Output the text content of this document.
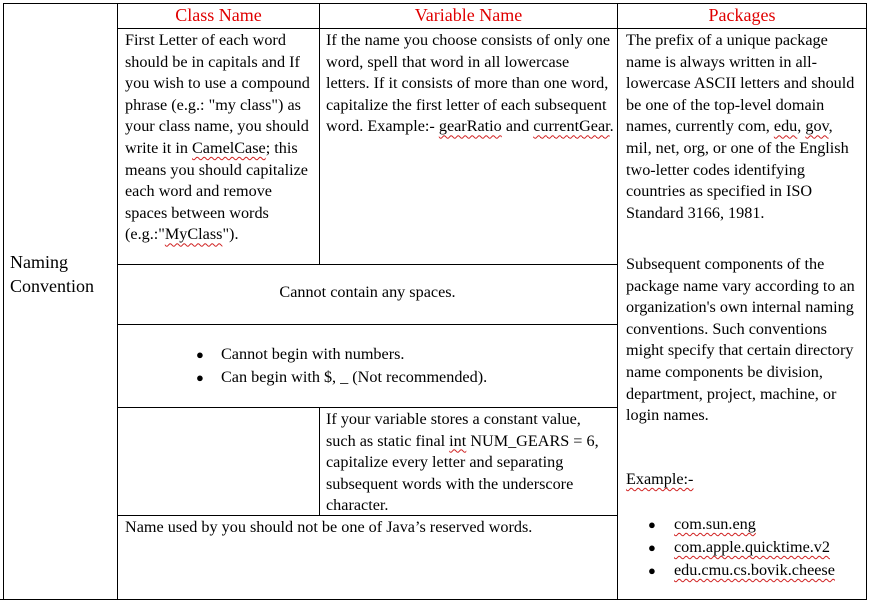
Class Name	Variable Name	Packages
Naming Convention
First Letter of each word should be in capitals and If you wish to use a compound phrase (e.g.: "my class") as your class name, you should write it in CamelCase; this means you should capitalize each word and remove spaces between words (e.g.:"MyClass").
If the name you choose consists of only one word, spell that word in all lowercase letters. If it consists of more than one word, capitalize the first letter of each subsequent word. Example:- gearRatio and currentGear.
The prefix of a unique package name is always written in all-lowercase ASCII letters and should be one of the top-level domain names, currently com, edu, gov, mil, net, org, or one of the English two-letter codes identifying countries as specified in ISO Standard 3166, 1981.
Subsequent components of the package name vary according to an organization's own internal naming conventions. Such conventions might specify that certain directory name components be division, department, project, machine, or login names.
Example:-
● com.sun.eng
● com.apple.quicktime.v2
● edu.cmu.cs.bovik.cheese
Cannot contain any spaces.
● Cannot begin with numbers.
● Can begin with $, _ (Not recommended).
If your variable stores a constant value, such as static final int NUM_GEARS = 6, capitalize every letter and separating subsequent words with the underscore character.
Name used by you should not be one of Java’s reserved words.
